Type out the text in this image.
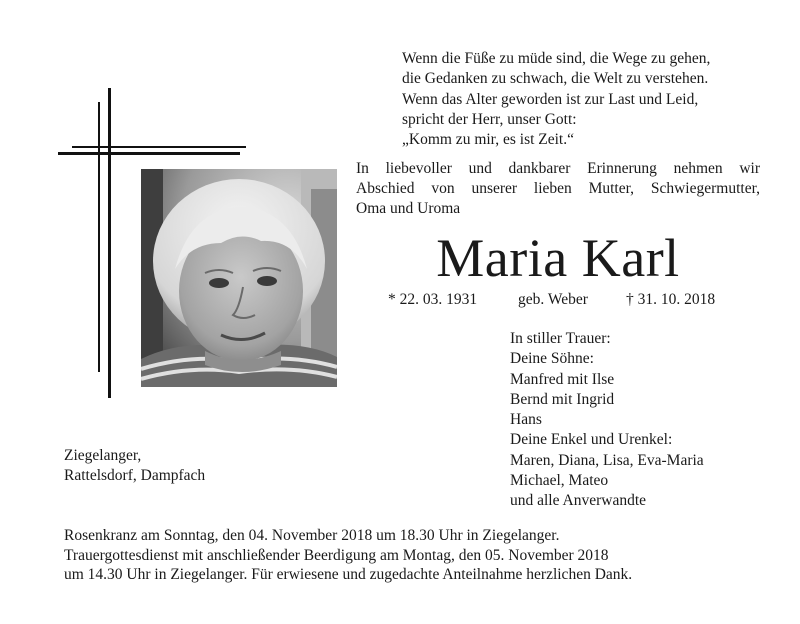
Wenn die Füße zu müde sind, die Wege zu gehen,
die Gedanken zu schwach, die Welt zu verstehen.
Wenn das Alter geworden ist zur Last und Leid,
spricht der Herr, unser Gott:
„Komm zu mir, es ist Zeit.“
In liebevoller und dankbarer Erinnerung nehmen wir
Abschied von unserer lieben Mutter, Schwiegermutter,
Oma und Uroma
Maria Karl
* 22. 03. 1931	geb. Weber † 31. 10. 2018
In stiller Trauer:
Deine Söhne:
Manfred mit Ilse
Bernd mit Ingrid
Hans
Deine Enkel und Urenkel:
Maren, Diana, Lisa, Eva-Maria
Michael, Mateo
und alle Anverwandte
Ziegelanger,
Rattelsdorf, Dampfach
Rosenkranz am Sonntag, den 04. November 2018 um 18.30 Uhr in Ziegelanger.
Trauergottesdienst mit anschließender Beerdigung am Montag, den 05. November 2018
um 14.30 Uhr in Ziegelanger. Für erwiesene und zugedachte Anteilnahme herzlichen Dank.
